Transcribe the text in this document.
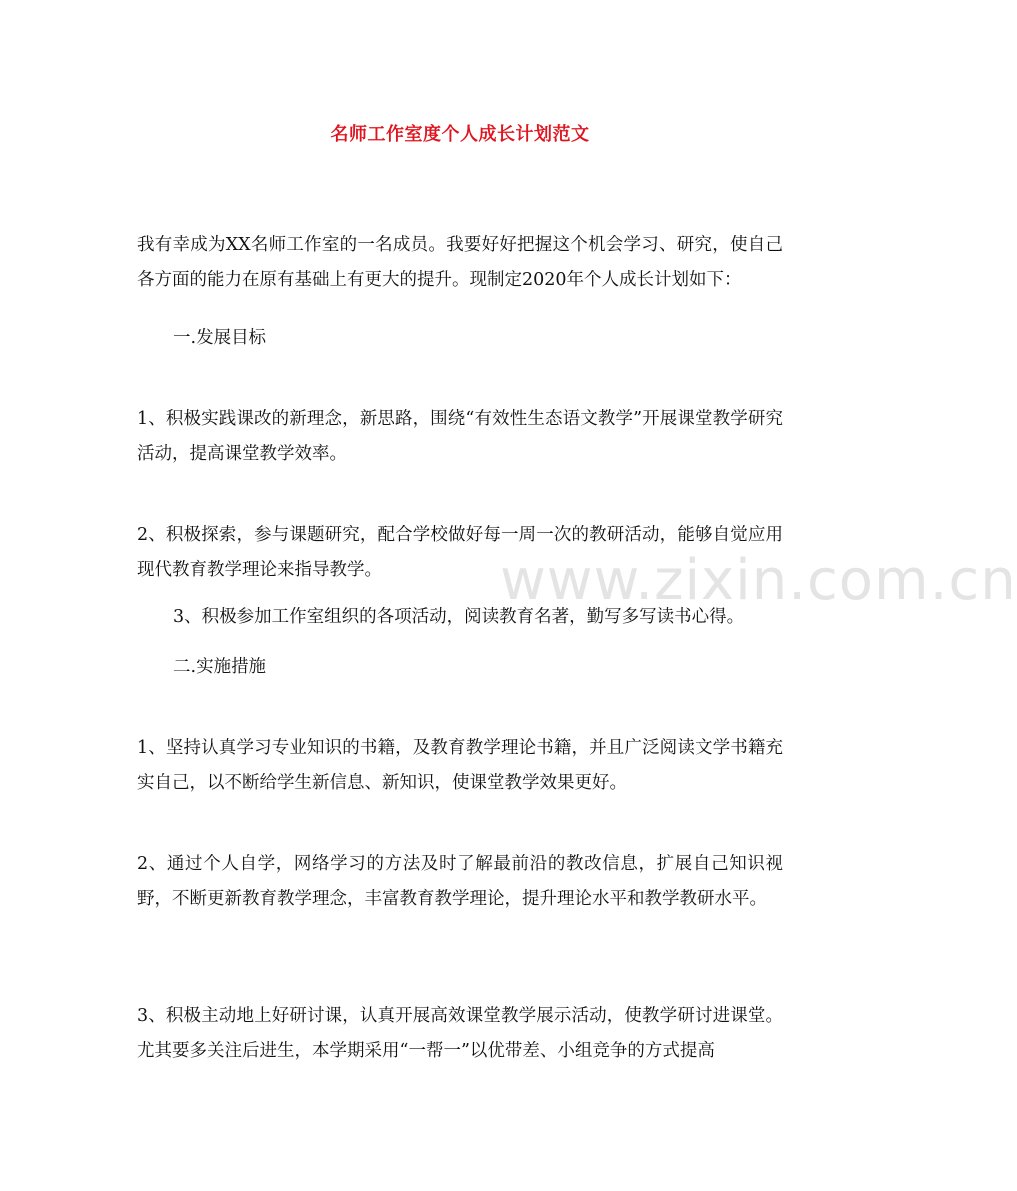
名师工作室度个人成长计划范文

我有幸成为XX名师工作室的一名成员。我要好好把握这个机会学习、研究，使自己各方面的能力在原有基础上有更大的提升。现制定2020年个人成长计划如下：

一.发展目标

1、积极实践课改的新理念，新思路，围绕“有效性生态语文教学”开展课堂教学研究活动，提高课堂教学效率。

2、积极探索，参与课题研究，配合学校做好每一周一次的教研活动，能够自觉应用现代教育教学理论来指导教学。

3、积极参加工作室组织的各项活动，阅读教育名著，勤写多写读书心得。

二.实施措施

1、坚持认真学习专业知识的书籍，及教育教学理论书籍，并且广泛阅读文学书籍充实自己，以不断给学生新信息、新知识，使课堂教学效果更好。

2、通过个人自学，网络学习的方法及时了解最前沿的教改信息，扩展自己知识视野，不断更新教育教学理念，丰富教育教学理论，提升理论水平和教学教研水平。

3、积极主动地上好研讨课，认真开展高效课堂教学展示活动，使教学研讨进课堂。尤其要多关注后进生，本学期采用“一帮一”以优带差、小组竞争的方式提高

www.zixin.com.cn
